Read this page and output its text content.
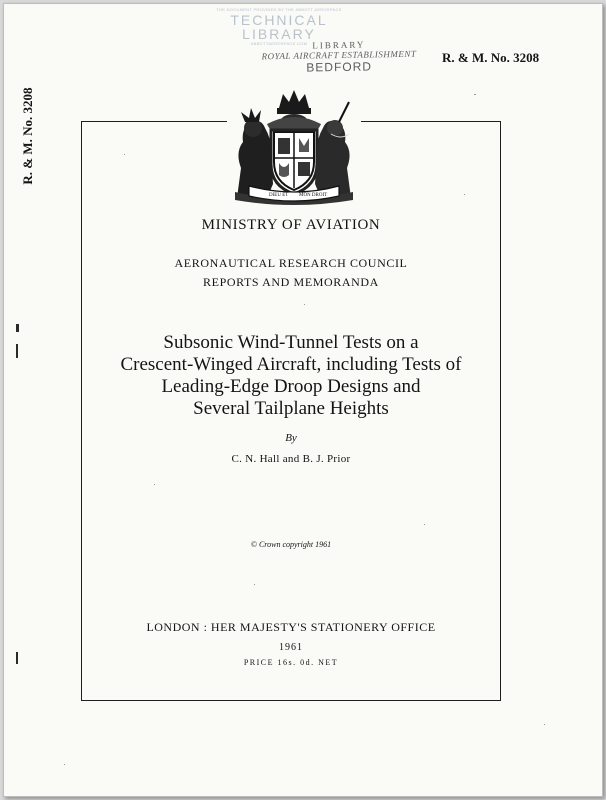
THE DOCUMENT PROVIDED BY THE ABBOTT AEROSPACE
TECHNICAL LIBRARY
ABBOTTAEROSPACE.COM LIBRARY
ROYAL AIRCRAFT ESTABLISHMENT
BEDFORD
R. & M. No. 3208
R. & M. No. 3208
DIEU ET MON DROIT
MINISTRY OF AVIATION
AERONAUTICAL RESEARCH COUNCIL
REPORTS AND MEMORANDA
Subsonic Wind-Tunnel Tests on a
Crescent-Winged Aircraft, including Tests of
Leading-Edge Droop Designs and
Several Tailplane Heights
By
C. N. Hall and B. J. Prior
© Crown copyright 1961
LONDON : HER MAJESTY'S STATIONERY OFFICE
1961
PRICE 16s. 0d. NET
